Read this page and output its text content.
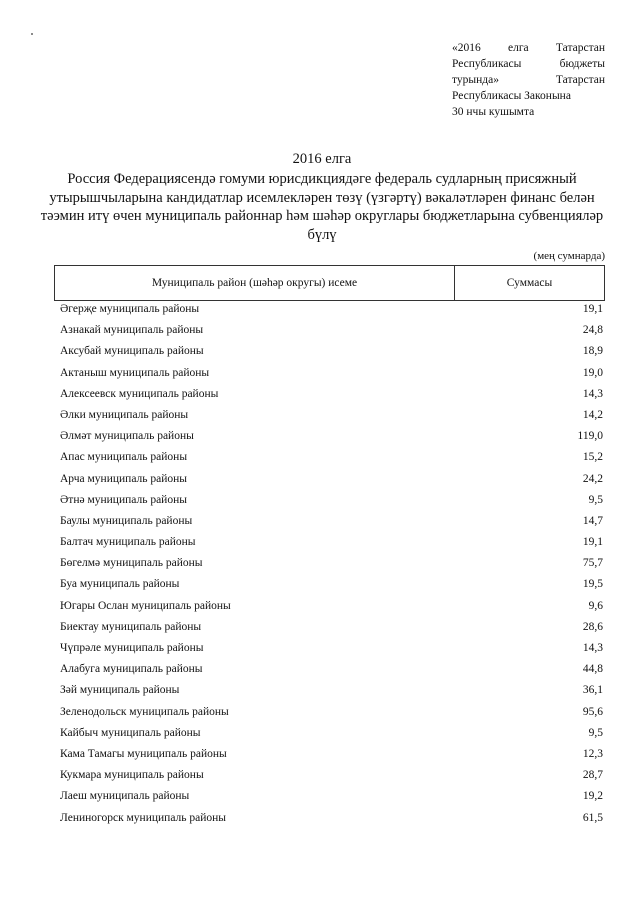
«2016 елга Татарстан
Республикасы бюджеты
турында» Татарстан
Республикасы Законына
30 нчы кушымта
2016 елга
Россия Федерациясендә гомуми юрисдикциядәге федераль судларның присяжный утырышчыларына кандидатлар исемлекләрен төзү (үзгәртү) вәкаләтләрен финанс белән тәэмин итү өчен муниципаль районнар һәм шәһәр округлары бюджетларына субвенцияләр бүлү
(мең сумнарда)
Муниципаль район (шәһәр округы) исеме	Суммасы
Әгерҗе муниципаль районы	19,1
Азнакай муниципаль районы	24,8
Аксубай муниципаль районы	18,9
Актаныш муниципаль районы	19,0
Алексеевск муниципаль районы	14,3
Әлки муниципаль районы	14,2
Әлмәт муниципаль районы	119,0
Апас муниципаль районы	15,2
Арча муниципаль районы	24,2
Әтнә муниципаль районы	9,5
Баулы муниципаль районы	14,7
Балтач муниципаль районы	19,1
Бөгелмә муниципаль районы	75,7
Буа муниципаль районы	19,5
Югары Ослан муниципаль районы	9,6
Биектау муниципаль районы	28,6
Чүпрәле муниципаль районы	14,3
Алабуга муниципаль районы	44,8
Зәй муниципаль районы	36,1
Зеленодольск муниципаль районы	95,6
Кайбыч муниципаль районы	9,5
Кама Тамагы муниципаль районы	12,3
Кукмара муниципаль районы	28,7
Лаеш муниципаль районы	19,2
Лениногорск муниципаль районы	61,5
